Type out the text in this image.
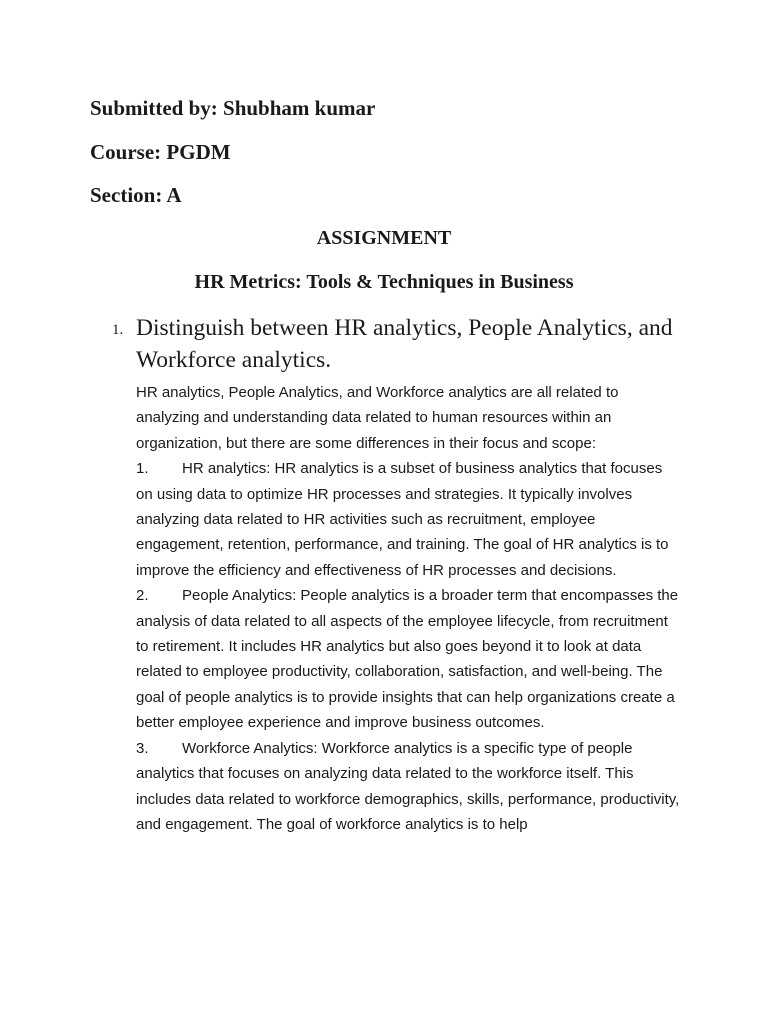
Submitted by: Shubham kumar

Course: PGDM

Section: A

ASSIGNMENT
HR Metrics: Tools & Techniques in Business
1. Distinguish between HR analytics, People Analytics, and Workforce analytics.

HR analytics, People Analytics, and Workforce analytics are all related to analyzing and understanding data related to human resources within an organization, but there are some differences in their focus and scope:

1. HR analytics: HR analytics is a subset of business analytics that focuses on using data to optimize HR processes and strategies. It typically involves analyzing data related to HR activities such as recruitment, employee engagement, retention, performance, and training. The goal of HR analytics is to improve the efficiency and effectiveness of HR processes and decisions.

2. People Analytics: People analytics is a broader term that encompasses the analysis of data related to all aspects of the employee lifecycle, from recruitment to retirement. It includes HR analytics but also goes beyond it to look at data related to employee productivity, collaboration, satisfaction, and well-being. The goal of people analytics is to provide insights that can help organizations create a better employee experience and improve business outcomes.

3. Workforce Analytics: Workforce analytics is a specific type of people analytics that focuses on analyzing data related to the workforce itself. This includes data related to workforce demographics, skills, performance, productivity, and engagement. The goal of workforce analytics is to help
